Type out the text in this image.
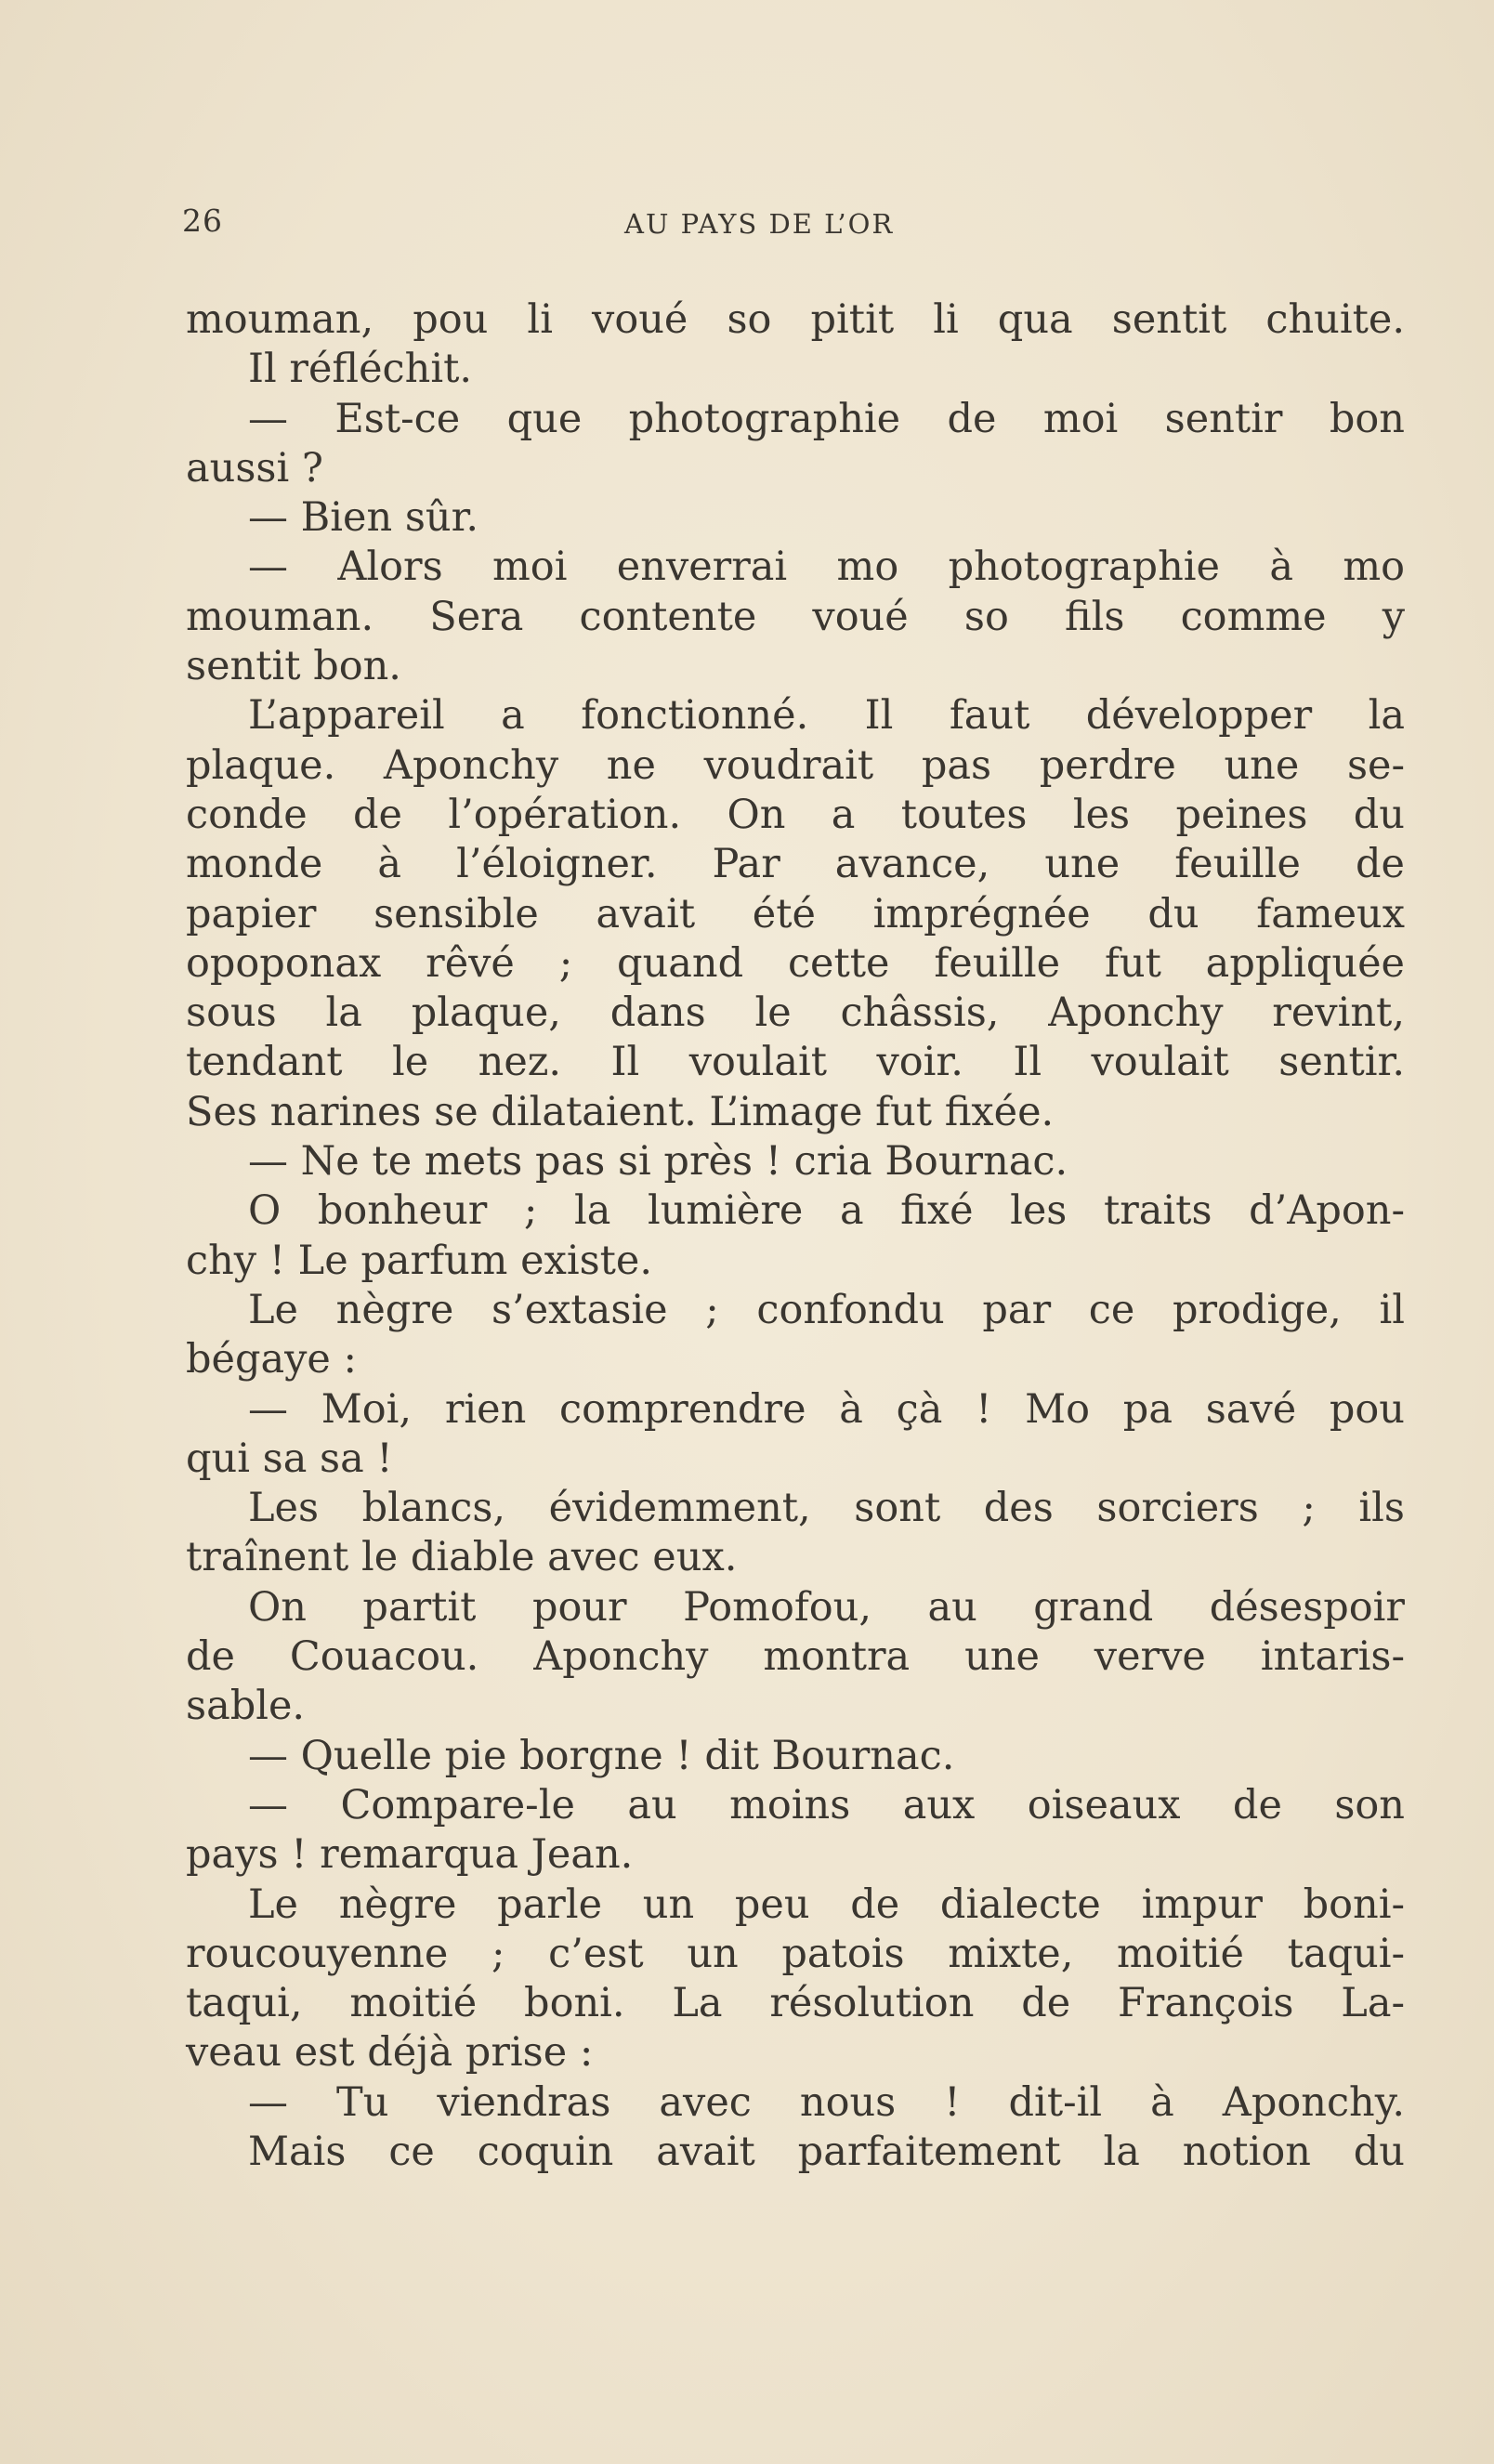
26	AU PAYS DE L’OR
mouman, pou li voué so pitit li qua sentit chuite.
Il réfléchit.
— Est-ce que photographie de moi sentir bon
aussi ?
— Bien sûr.
— Alors moi enverrai mo photographie à mo
mouman. Sera contente voué so fils comme y
sentit bon.
L’appareil a fonctionné. Il faut développer la
plaque. Aponchy ne voudrait pas perdre une se-
conde de l’opération. On a toutes les peines du
monde à l’éloigner. Par avance, une feuille de
papier sensible avait été imprégnée du fameux
opoponax rêvé ; quand cette feuille fut appliquée
sous la plaque, dans le châssis, Aponchy revint,
tendant le nez. Il voulait voir. Il voulait sentir.
Ses narines se dilataient. L’image fut fixée.
— Ne te mets pas si près ! cria Bournac.
O bonheur ; la lumière a fixé les traits d’Apon-
chy ! Le parfum existe.
Le nègre s’extasie ; confondu par ce prodige, il
bégaye :
— Moi, rien comprendre à çà ! Mo pa savé pou
qui sa sa !
Les blancs, évidemment, sont des sorciers ; ils
traînent le diable avec eux.
On partit pour Pomofou, au grand désespoir
de Couacou. Aponchy montra une verve intaris-
sable.
— Quelle pie borgne ! dit Bournac.
— Compare-le au moins aux oiseaux de son
pays ! remarqua Jean.
Le nègre parle un peu de dialecte impur boni-
roucouyenne ; c’est un patois mixte, moitié taqui-
taqui, moitié boni. La résolution de François La-
veau est déjà prise :
— Tu viendras avec nous ! dit-il à Aponchy.
Mais ce coquin avait parfaitement la notion du
